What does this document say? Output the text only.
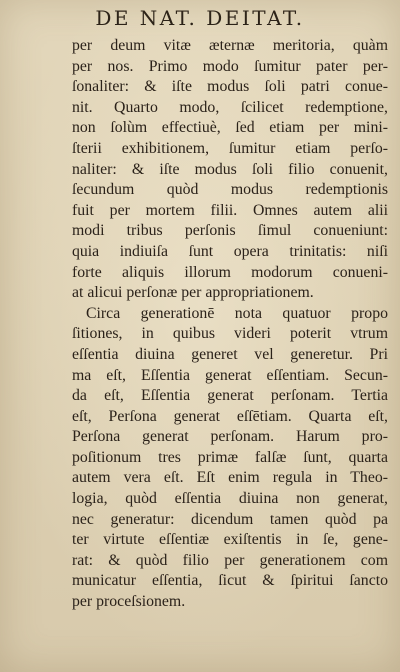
DE NAT. DEITAT.
per deum vitæ æternæ meritoria, quàm
per nos. Primo modo ſumitur pater per-
ſonaliter: & iſte modus ſoli patri conue-
nit. Quarto modo, ſcilicet redemptione,
non ſolùm effectiuè, ſed etiam per mini-
ſterii exhibitionem, ſumitur etiam perſo-
naliter: & iſte modus ſoli filio conuenit,
ſecundum quòd modus redemptionis
fuit per mortem filii. Omnes autem alii
modi tribus perſonis ſimul conueniunt:
quia indiuiſa ſunt opera trinitatis: niſi
forte aliquis illorum modorum conueni-
at alicui perſonæ per appropriationem.
Circa generationē nota quatuor propo
ſitiones, in quibus videri poterit vtrum
eſſentia diuina generet vel generetur. Pri
ma eſt, Eſſentia generat eſſentiam. Secun-
da eſt, Eſſentia generat perſonam. Tertia
eſt, Perſona generat eſſētiam. Quarta eſt,
Perſona generat perſonam. Harum pro-
poſitionum tres primæ falſæ ſunt, quarta
autem vera eſt. Eſt enim regula in Theo-
logia, quòd eſſentia diuina non generat,
nec generatur: dicendum tamen quòd pa
ter virtute eſſentiæ exiſtentis in ſe, gene-
rat: & quòd filio per generationem com
municatur eſſentia, ſicut & ſpiritui ſancto
per proceſsionem.
